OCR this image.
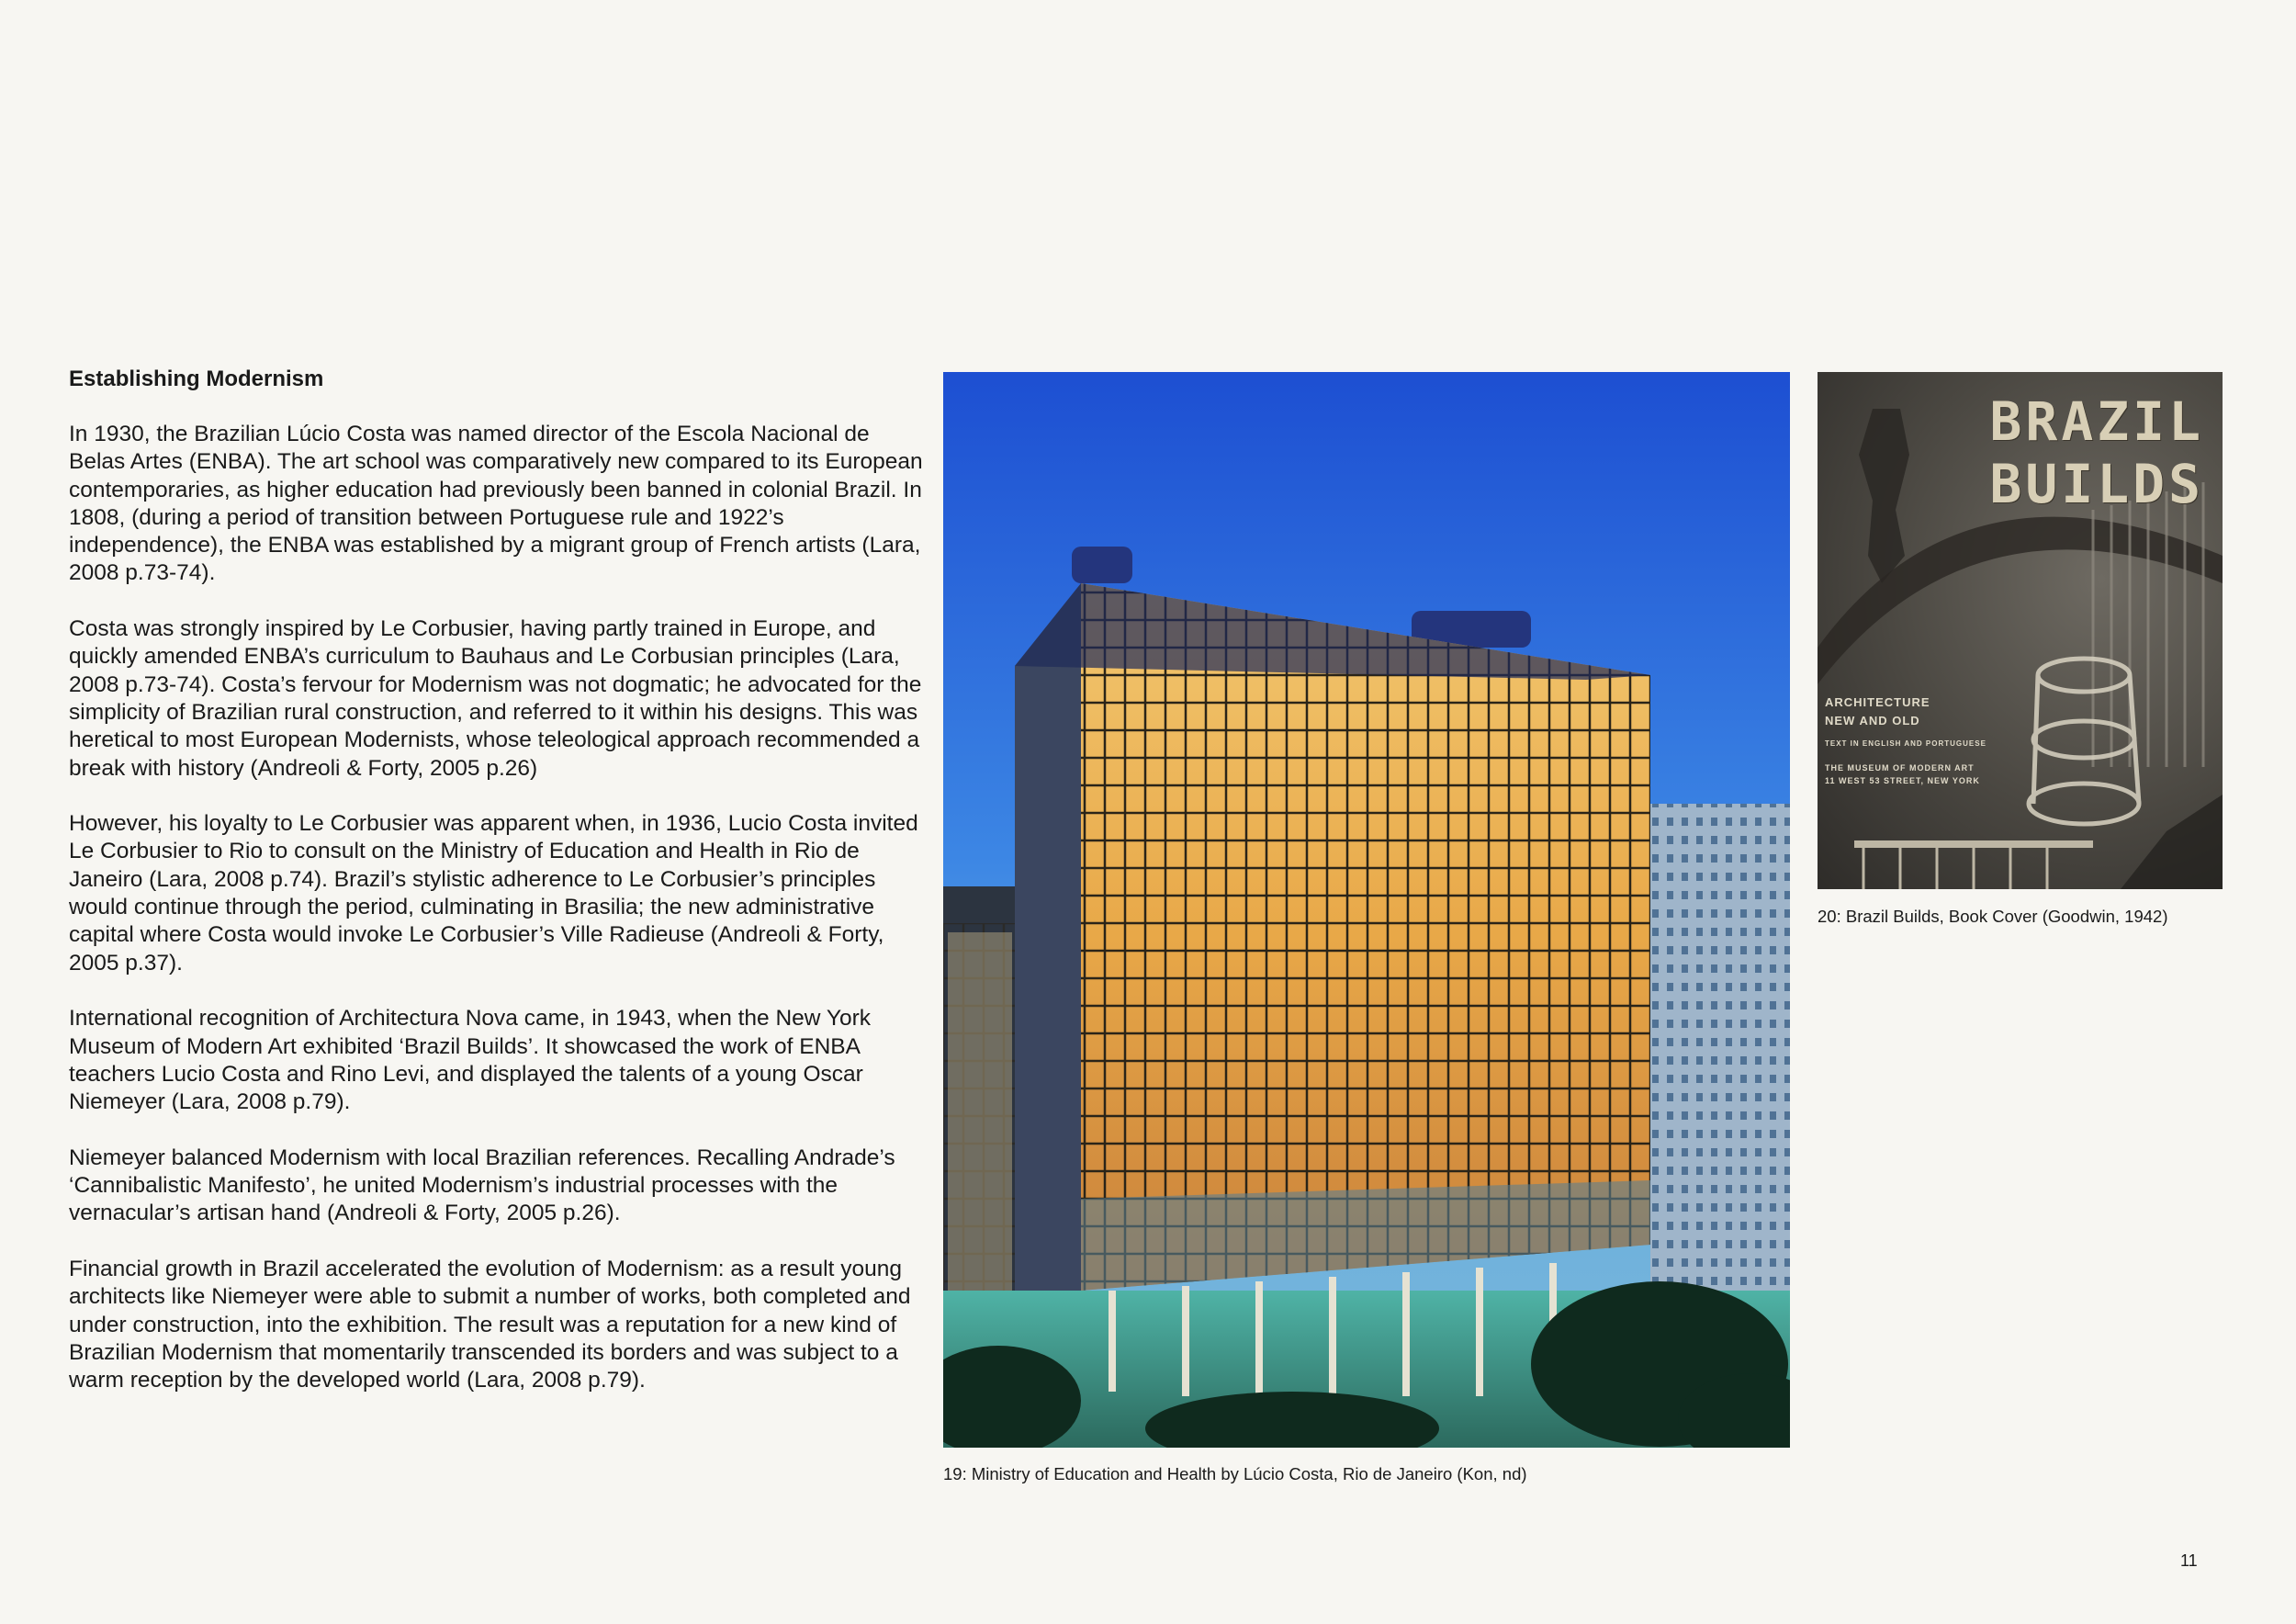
Establishing Modernism

In 1930, the Brazilian Lúcio Costa was named director of the Escola Nacional de Belas Artes (ENBA). The art school was comparatively new compared to its European contemporaries, as higher education had previously been banned in colonial Brazil. In 1808, (during a period of transition between Portuguese rule and 1922’s independence), the ENBA was established by a migrant group of French artists (Lara, 2008 p.73-74).

Costa was strongly inspired by Le Corbusier, having partly trained in Europe, and quickly amended ENBA’s curriculum to Bauhaus and Le Corbusian principles (Lara, 2008 p.73-74). Costa’s fervour for Modernism was not dogmatic; he advocated for the simplicity of Brazilian rural construction, and referred to it within his designs. This was heretical to most European Modernists, whose teleological approach recommended a break with history (Andreoli & Forty, 2005 p.26)

However, his loyalty to Le Corbusier was apparent when, in 1936, Lucio Costa invited Le Corbusier to Rio to consult on the Ministry of Education and Health in Rio de Janeiro (Lara, 2008 p.74). Brazil’s stylistic adherence to Le Corbusier’s principles would continue through the period, culminating in Brasilia; the new administrative capital where Costa would invoke Le Corbusier’s Ville Radieuse (Andreoli & Forty, 2005 p.37).

International recognition of Architectura Nova came, in 1943, when the New York Museum of Modern Art exhibited ‘Brazil Builds’. It showcased the work of ENBA teachers Lucio Costa and Rino Levi, and displayed the talents of a young Oscar Niemeyer (Lara, 2008 p.79).

Niemeyer balanced Modernism with local Brazilian references. Recalling Andrade’s ‘Cannibalistic Manifesto’, he united Modernism’s industrial processes with the vernacular’s artisan hand (Andreoli & Forty, 2005 p.26).

Financial growth in Brazil accelerated the evolution of Modernism: as a result young architects like Niemeyer were able to submit a number of works, both completed and under construction, into the exhibition. The result was a reputation for a new kind of Brazilian Modernism that momentarily transcended its borders and was subject to a warm reception by the developed world (Lara, 2008 p.79).

19: Ministry of Education and Health by Lúcio Costa, Rio de Janeiro (Kon, nd)
BRAZIL
BUILDS
ARCHITECTURE
NEW AND OLD
TEXT IN ENGLISH AND PORTUGUESE
THE MUSEUM OF MODERN ART
11 WEST 53 STREET, NEW YORK
20: Brazil Builds, Book Cover (Goodwin, 1942)
11
